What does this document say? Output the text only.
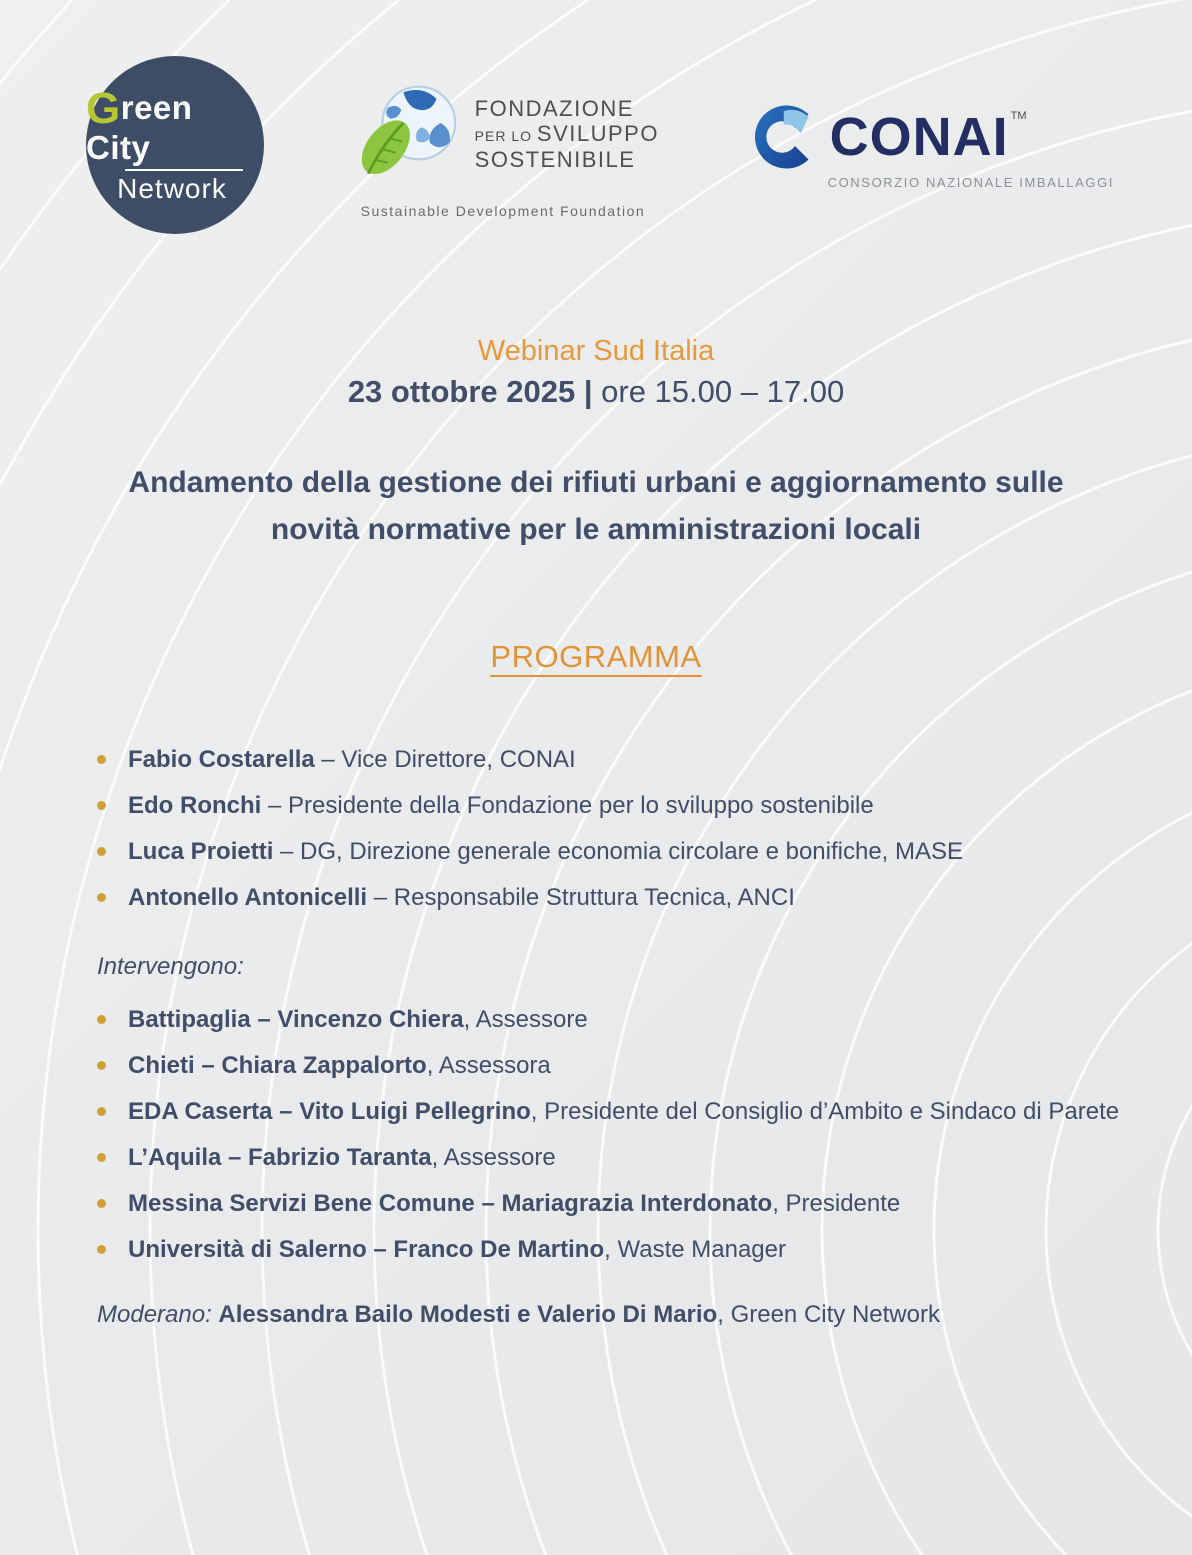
Green City
Network
FONDAZIONE
PER LO SVILUPPO
SOSTENIBILE
Sustainable Development Foundation
CONAI ™
CONSORZIO NAZIONALE IMBALLAGGI
Webinar Sud Italia
23 ottobre 2025 | ore 15.00 – 17.00
Andamento della gestione dei rifiuti urbani e aggiornamento sulle novità normative per le amministrazioni locali
PROGRAMMA
Fabio Costarella – Vice Direttore, CONAI
Edo Ronchi – Presidente della Fondazione per lo sviluppo sostenibile
Luca Proietti – DG, Direzione generale economia circolare e bonifiche, MASE
Antonello Antonicelli – Responsabile Struttura Tecnica, ANCI
Intervengono:
Battipaglia – Vincenzo Chiera, Assessore
Chieti – Chiara Zappalorto, Assessora
EDA Caserta – Vito Luigi Pellegrino, Presidente del Consiglio d’Ambito e Sindaco di Parete
L’Aquila – Fabrizio Taranta, Assessore
Messina Servizi Bene Comune – Mariagrazia Interdonato, Presidente
Università di Salerno – Franco De Martino, Waste Manager
Moderano: Alessandra Bailo Modesti e Valerio Di Mario, Green City Network
